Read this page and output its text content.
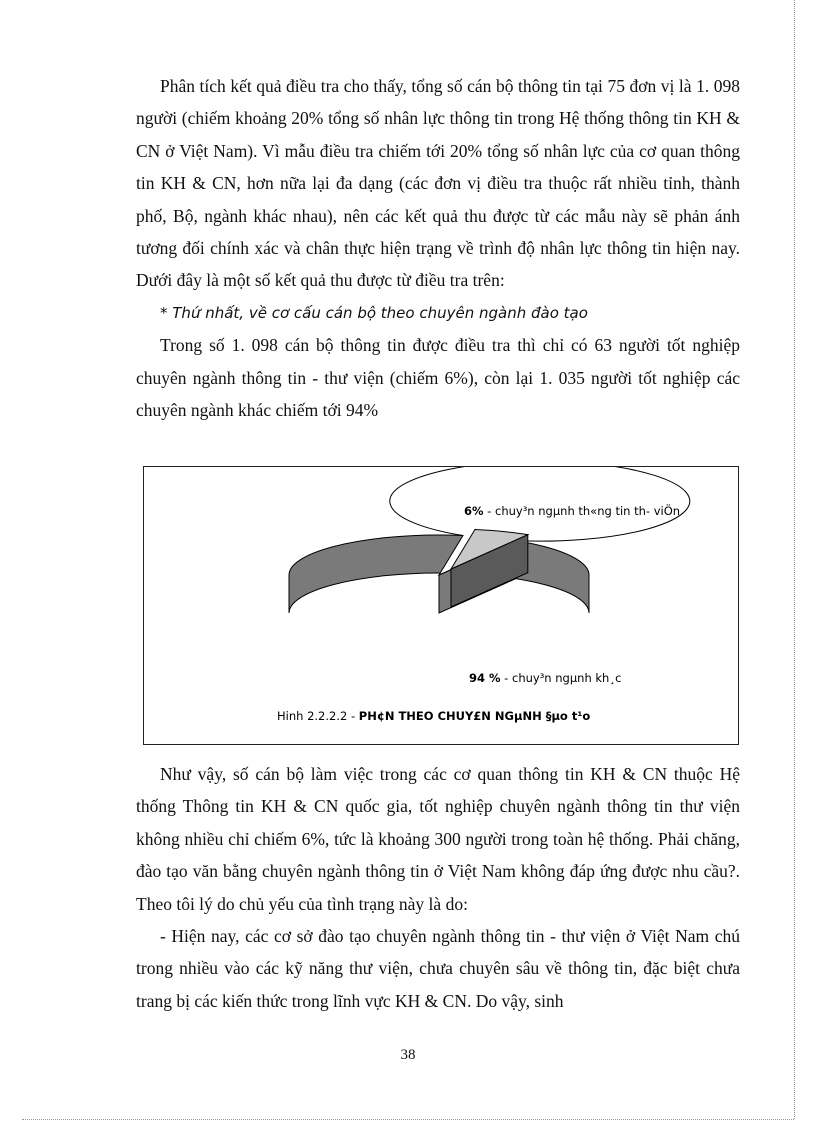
Phân tích kết quả điều tra cho thấy, tổng số cán bộ thông tin tại 75 đơn vị là 1. 098 người (chiếm khoảng 20% tổng số nhân lực thông tin trong Hệ thống thông tin KH & CN ở Việt Nam). Vì mẫu điều tra chiếm tới 20% tổng số nhân lực của cơ quan thông tin KH & CN, hơn nữa lại đa dạng (các đơn vị điều tra thuộc rất nhiều tỉnh, thành phố, Bộ, ngành khác nhau), nên các kết quả thu được từ các mẫu này sẽ phản ánh tương đối chính xác và chân thực hiện trạng về trình độ nhân lực thông tin hiện nay. Dưới đây là một số kết quả thu được từ điều tra trên:

* Thứ nhất, về cơ cấu cán bộ theo chuyên ngành đào tạo

Trong số 1. 098 cán bộ thông tin được điều tra thì chỉ có 63 người tốt nghiệp chuyên ngành thông tin - thư viện (chiếm 6%), còn lại 1. 035 người tốt nghiệp các chuyên ngành khác chiếm tới 94%

6% - chuy³n ngµnh th«ng tin th- viÖn
94 % - chuy³n ngµnh kh¸c
Hinh 2.2.2.2 - PH¢N THEO CHUY£N NGµNH §µo t¹o

Như vậy, số cán bộ làm việc trong các cơ quan thông tin KH & CN thuộc Hệ thống Thông tin KH & CN quốc gia, tốt nghiệp chuyên ngành thông tin thư viện không nhiều chỉ chiếm 6%, tức là khoảng 300 người trong toàn hệ thống. Phải chăng, đào tạo văn bằng chuyên ngành thông tin ở Việt Nam không đáp ứng được nhu cầu?. Theo tôi lý do chủ yếu của tình trạng này là do:

- Hiện nay, các cơ sở đào tạo chuyên ngành thông tin - thư viện ở Việt Nam chú trong nhiều vào các kỹ năng thư viện, chưa chuyên sâu về thông tin, đặc biệt chưa trang bị các kiến thức trong lĩnh vực KH & CN. Do vậy, sinh

38
